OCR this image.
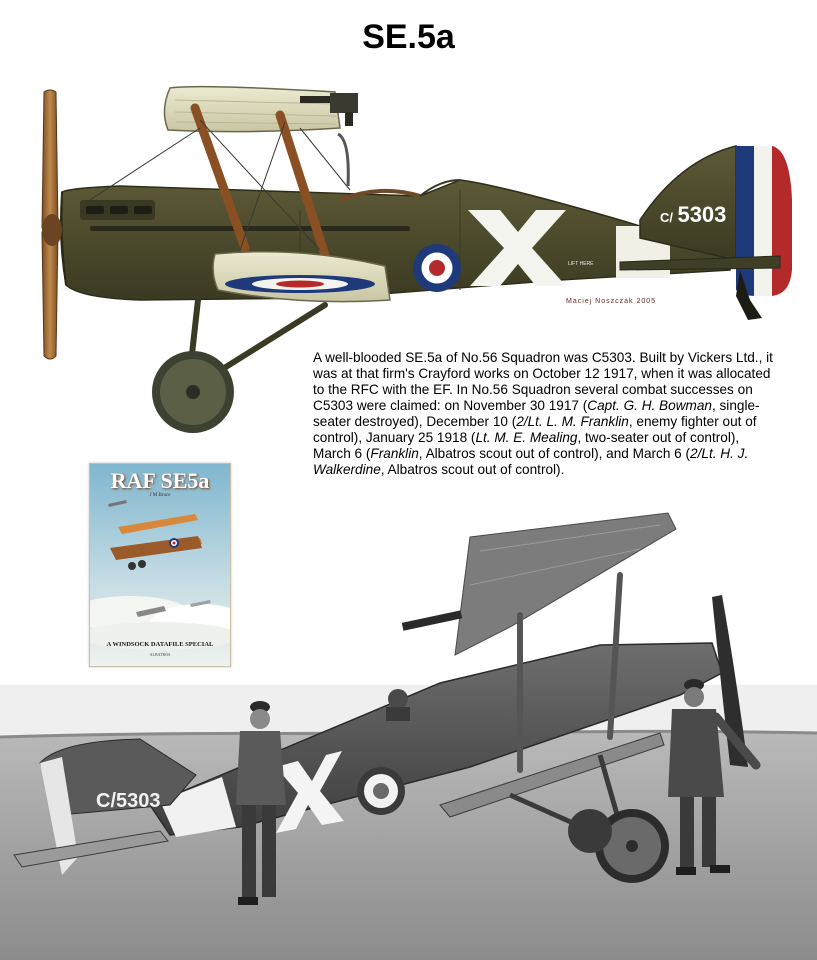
SE.5a
LIFT HERE
C/ 5303
Maciej Noszczak 2005

A well-blooded SE.5a of No.56 Squadron was C5303. Built by Vickers Ltd., it was at that firm's Crayford works on October 12 1917, when it was allocated to the RFC with the EF. In No.56 Squadron several combat successes on C5303 were claimed: on November 30 1917 (Capt. G. H. Bowman, single-seater destroyed), December 10 (2/Lt. L. M. Franklin, enemy fighter out of control), January 25 1918 (Lt. M. E. Mealing, two-seater out of control), March 6 (Franklin, Albatros scout out of control), and March 6 (2/Lt. H. J. Walkerdine, Albatros scout out of control).

RAF SE5a
J M Bruce
A WINDSOCK DATAFILE SPECIAL
ALBATROS
C/5303
